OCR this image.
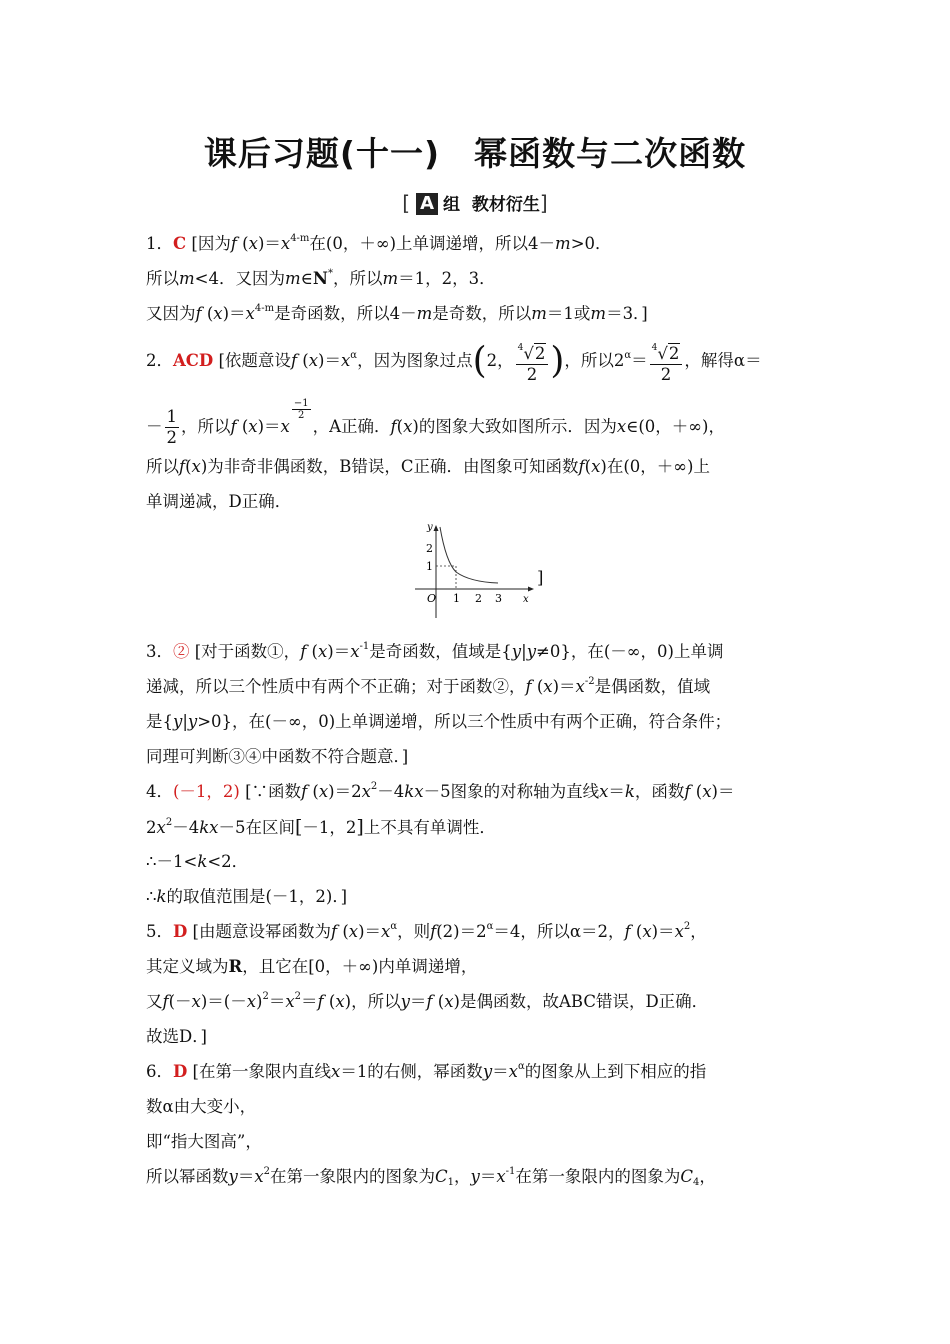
课后习题(十一)　幂函数与二次函数
[ A 组 教材衍生]
1．C [因为f $(x)=x^{4-m}$在(0，＋∞)上单调递增，所以4－m>0．
所以m<4．又因为m∈N*，所以m＝1，2，3．
又因为f $(x)=x^{4-m}$是奇函数，所以4－m是奇数，所以m＝1或m＝3．]
2．ACD [依题意设f $(x)=x^\alpha$，因为图象过点(2， $\frac{^4√2}{2}$ )，所以$2^\alpha= \frac{^4√2}{2}$ ，解得α＝
－ $\frac{1}{2}$ ，所以f (x)＝x
$\frac{-1}{2}$
，A正确．f(x)的图象大致如图所示．因为x∈(0，＋∞)，
所以f(x)为非奇非偶函数，B错误，C正确．由图象可知函数f(x)在(0，＋∞)上
单调递减，D正确．
y
x
O 1 2 3
1
2
]
3．② [对于函数①，f $(x)=x^{-1}$是奇函数，值域是{y|y≠0}，在(－∞，0)上单调
递减，所以三个性质中有两个不正确；对于函数②，f $(x)=x^{-2}$是偶函数，值域
是{y|y>0}，在(－∞，0)上单调递增，所以三个性质中有两个正确，符合条件；
同理可判断③④中函数不符合题意．]
4．(－1，2) [∵函数f $(x)=2x^2-4kx-5$图象的对称轴为直线x＝k，函数f (x)＝
$2x^2-4kx-5$在区间[－1，2]上不具有单调性．
∴－1<k<2．
∴k的取值范围是(－1，2)．]
5．D [由题意设幂函数为f $(x)=x^\alpha$，则$f(2)=2^\alpha=4$，所以α＝2，f $(x)=x^2$，
其定义域为R，且它在[0，＋∞)内单调递增，
又$f(-x)=(-x)^2=x^2=f$ (x)，所以y＝f (x)是偶函数，故ABC错误，D正确．
故选D．]
6．D [在第一象限内直线x＝1的右侧，幂函数$y=x^\alpha$的图象从上到下相应的指
数α由大变小，
即“指大图高”，
所以幂函数$y=x^2$在第一象限内的图象为$C_1$，$y=x^{-1}$在第一象限内的图象为$C_4$，
